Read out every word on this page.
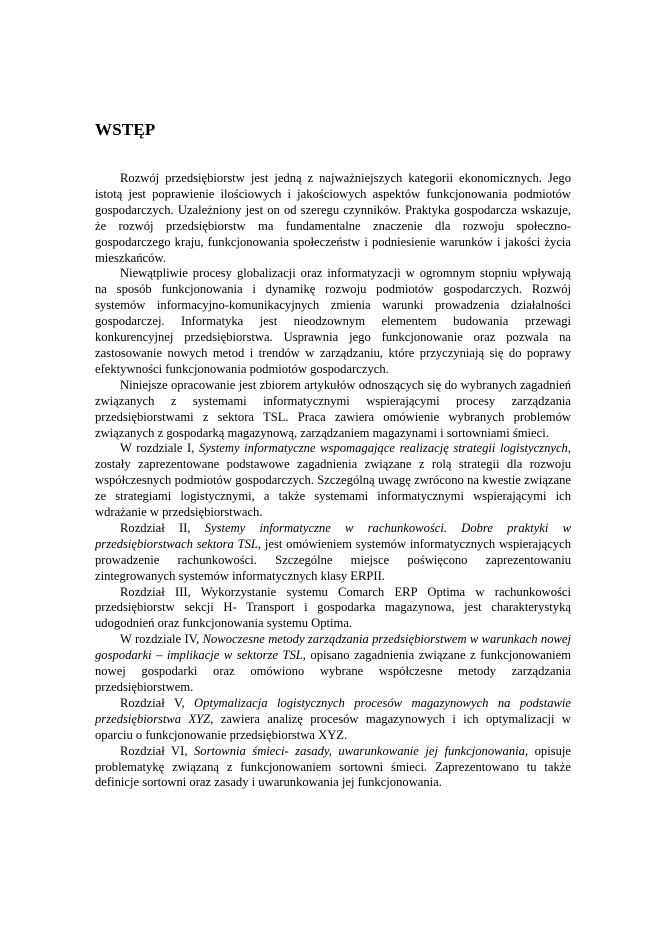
WSTĘP

Rozwój przedsiębiorstw jest jedną z najważniejszych kategorii ekonomicznych. Jego istotą jest poprawienie ilościowych i jakościowych aspektów funkcjonowania podmiotów gospodarczych. Uzależniony jest on od szeregu czynników. Praktyka gospodarcza wskazuje, że rozwój przedsiębiorstw ma fundamentalne znaczenie dla rozwoju społeczno-gospodarczego kraju, funkcjonowania społeczeństw i podniesienie warunków i jakości życia mieszkańców.

Niewątpliwie procesy globalizacji oraz informatyzacji w ogromnym stopniu wpływają na sposób funkcjonowania i dynamikę rozwoju podmiotów gospodarczych. Rozwój systemów informacyjno-komunikacyjnych zmienia warunki prowadzenia działalności gospodarczej. Informatyka jest nieodzownym elementem budowania przewagi konkurencyjnej przedsiębiorstwa. Usprawnia jego funkcjonowanie oraz pozwala na zastosowanie nowych metod i trendów w zarządzaniu, które przyczyniają się do poprawy efektywności funkcjonowania podmiotów gospodarczych.

Niniejsze opracowanie jest zbiorem artykułów odnoszących się do wybranych zagadnień związanych z systemami informatycznymi wspierającymi procesy zarządzania przedsiębiorstwami z sektora TSL. Praca zawiera omówienie wybranych problemów związanych z gospodarką magazynową, zarządzaniem magazynami i sortowniami śmieci.

W rozdziale I, Systemy informatyczne wspomagające realizację strategii logistycznych, zostały zaprezentowane podstawowe zagadnienia związane z rolą strategii dla rozwoju współczesnych podmiotów gospodarczych. Szczególną uwagę zwrócono na kwestie związane ze strategiami logistycznymi, a także systemami informatycznymi wspierającymi ich wdrażanie w przedsiębiorstwach.

Rozdział II, Systemy informatyczne w rachunkowości. Dobre praktyki w przedsiębiorstwach sektora TSL, jest omówieniem systemów informatycznych wspierających prowadzenie rachunkowości. Szczególne miejsce poświęcono zaprezentowaniu zintegrowanych systemów informatycznych klasy ERPII.

Rozdział III, Wykorzystanie systemu Comarch ERP Optima w rachunkowości przedsiębiorstw sekcji H- Transport i gospodarka magazynowa, jest charakterystyką udogodnień oraz funkcjonowania systemu Optima.

W rozdziale IV, Nowoczesne metody zarządzania przedsiębiorstwem w warunkach nowej gospodarki – implikacje w sektorze TSL, opisano zagadnienia związane z funkcjonowaniem nowej gospodarki oraz omówiono wybrane współczesne metody zarządzania przedsiębiorstwem.

Rozdział V, Optymalizacja logistycznych procesów magazynowych na podstawie przedsiębiorstwa XYZ, zawiera analizę procesów magazynowych i ich optymalizacji w oparciu o funkcjonowanie przedsiębiorstwa XYZ.

Rozdział VI, Sortownia śmieci- zasady, uwarunkowanie jej funkcjonowania, opisuje problematykę związaną z funkcjonowaniem sortowni śmieci. Zaprezentowano tu także definicje sortowni oraz zasady i uwarunkowania jej funkcjonowania.
